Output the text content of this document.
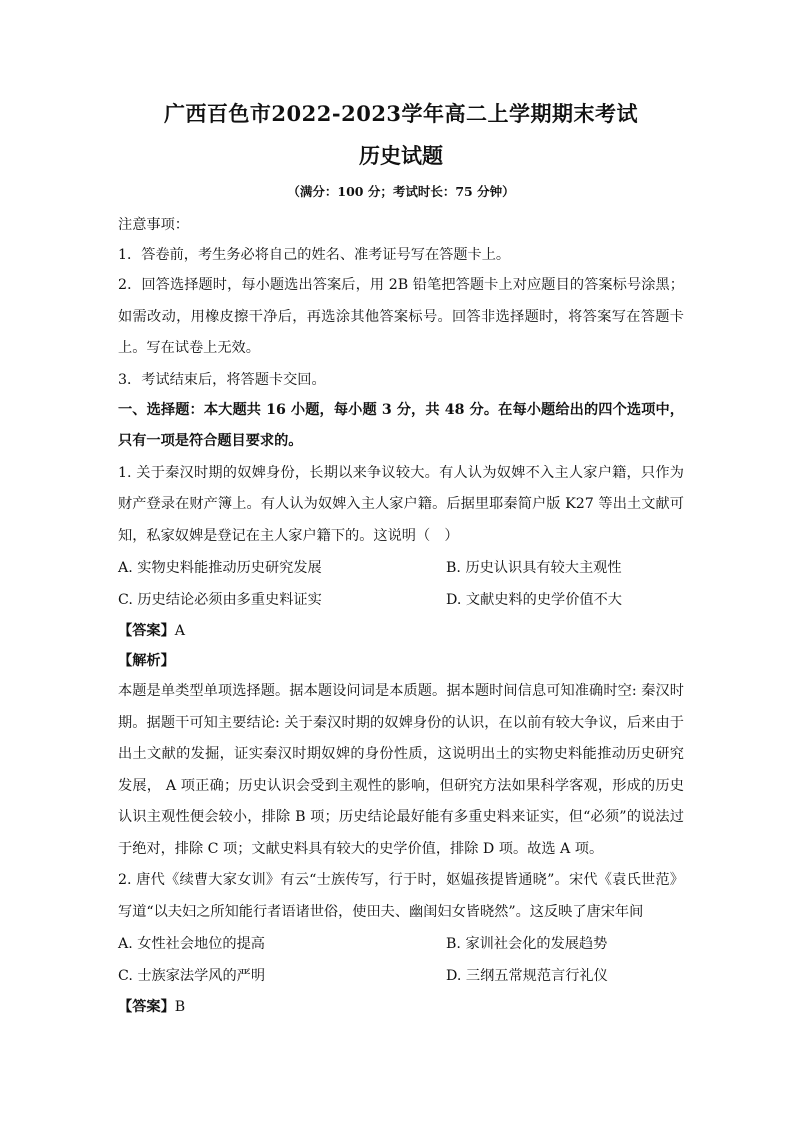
广西百色市2022-2023学年高二上学期期末考试
历史试题

（满分：100 分；考试时长：75 分钟）

注意事项：

1．答卷前，考生务必将自己的姓名、准考证号写在答题卡上。

2．回答选择题时，每小题选出答案后，用 2B 铅笔把答题卡上对应题目的答案标号涂黑；如需改动，用橡皮擦干净后，再选涂其他答案标号。回答非选择题时，将答案写在答题卡上。写在试卷上无效。

3．考试结束后，将答题卡交回。

一、选择题：本大题共 16 小题，每小题 3 分，共 48 分。在每小题给出的四个选项中，只有一项是符合题目要求的。

1. 关于秦汉时期的奴婢身份，长期以来争议较大。有人认为奴婢不入主人家户籍，只作为财产登录在财产簿上。有人认为奴婢入主人家户籍。后据里耶秦简户版 K27 等出土文献可知，私家奴婢是登记在主人家户籍下的。这说明（　）

A. 实物史料能推动历史研究发展	B. 历史认识具有较大主观性
C. 历史结论必须由多重史料证实	D. 文献史料的史学价值不大

【答案】A

【解析】

本题是单类型单项选择题。据本题设问词是本质题。据本题时间信息可知准确时空: 秦汉时期。据题干可知主要结论: 关于秦汉时期的奴婢身份的认识，在以前有较大争议，后来由于出土文献的发掘，证实秦汉时期奴婢的身份性质，这说明出土的实物史料能推动历史研究发展， A 项正确；历史认识会受到主观性的影响，但研究方法如果科学客观，形成的历史认识主观性便会较小，排除 B 项；历史结论最好能有多重史料来证实，但“必须”的说法过于绝对，排除 C 项；文献史料具有较大的史学价值，排除 D 项。故选 A 项。

2. 唐代《续曹大家女训》有云“士族传写，行于时，妪媪孩提皆通晓”。宋代《袁氏世范》写道“以夫妇之所知能行者语诸世俗，使田夫、幽闺妇女皆晓然”。这反映了唐宋年间

A. 女性社会地位的提高	B. 家训社会化的发展趋势
C. 士族家法学风的严明	D. 三纲五常规范言行礼仪

【答案】B
